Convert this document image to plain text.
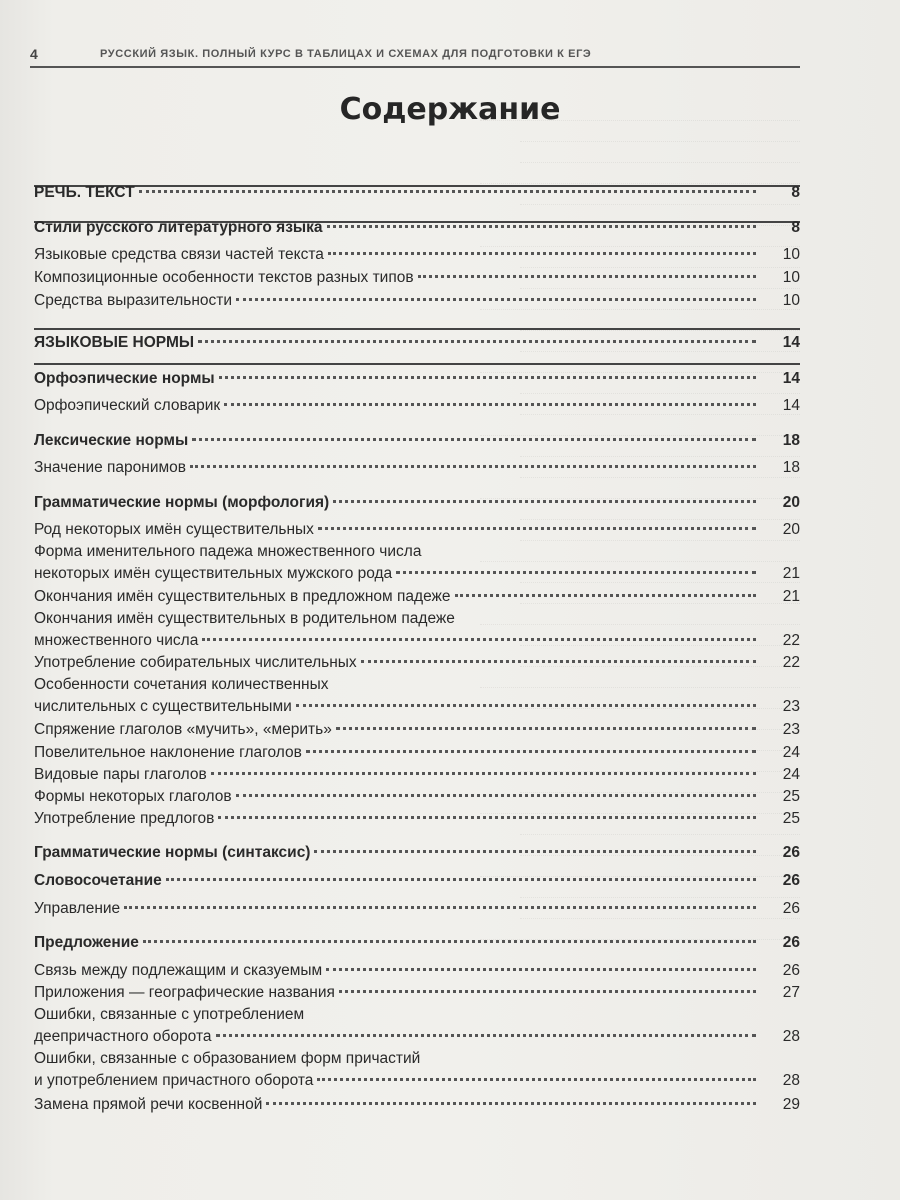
4	РУССКИЙ ЯЗЫК. ПОЛНЫЙ КУРС В ТАБЛИЦАХ И СХЕМАХ ДЛЯ ПОДГОТОВКИ К ЕГЭ
Содержание
РЕЧЬ. ТЕКСТ	8
Стили русского литературного языка	8
Языковые средства связи частей текста	10
Композиционные особенности текстов разных типов	10
Средства выразительности	10
ЯЗЫКОВЫЕ НОРМЫ	14
Орфоэпические нормы	14
Орфоэпический словарик	14
Лексические нормы	18
Значение паронимов	18
Грамматические нормы (морфология)	20
Род некоторых имён существительных	20
Форма именительного падежа множественного числа
некоторых имён существительных мужского рода	21
Окончания имён существительных в предложном падеже	21
Окончания имён существительных в родительном падеже
множественного числа	22
Употребление собирательных числительных	22
Особенности сочетания количественных
числительных с существительными	23
Спряжение глаголов «мучить», «мерить»	23
Повелительное наклонение глаголов	24
Видовые пары глаголов	24
Формы некоторых глаголов	25
Употребление предлогов	25
Грамматические нормы (синтаксис)	26
Словосочетание	26
Управление	26
Предложение	26
Связь между подлежащим и сказуемым	26
Приложения — географические названия	27
Ошибки, связанные с употреблением
деепричастного оборота	28
Ошибки, связанные с образованием форм причастий
и употреблением причастного оборота	28
Замена прямой речи косвенной	29
